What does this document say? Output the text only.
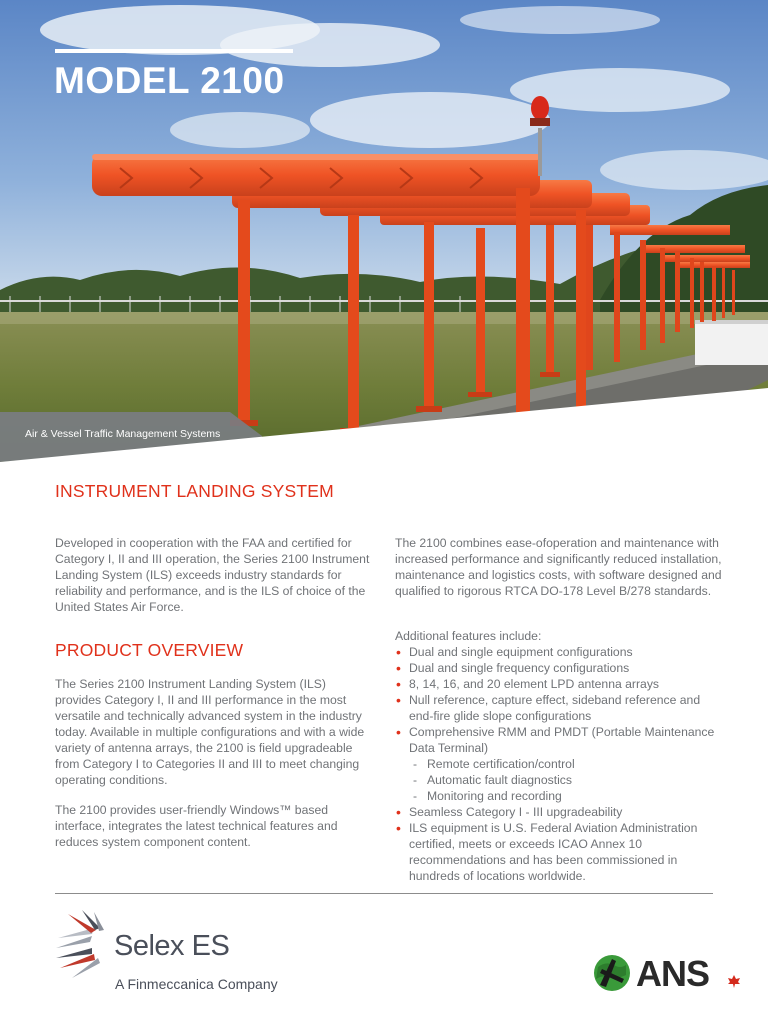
MODEL 2100
Air & Vessel Traffic Management Systems
INSTRUMENT LANDING SYSTEM

Developed in cooperation with the FAA and certified for Category I, II and III operation, the Series 2100 Instrument Landing System (ILS) exceeds industry standards for reliability and performance, and is the ILS of choice of the United States Air Force.

PRODUCT OVERVIEW

The Series 2100 Instrument Landing System (ILS) provides Category I, II and III performance in the most versatile and technically advanced system in the industry today. Available in multiple configurations and with a wide variety of antenna arrays, the 2100 is field upgradeable from Category I to Categories II and III to meet changing operating conditions.

The 2100 provides user-friendly Windows™ based interface, integrates the latest technical features and reduces system component content.

The 2100 combines ease-ofoperation and maintenance with increased performance and significantly reduced installation, maintenance and logistics costs, with software designed and qualified to rigorous RTCA DO-178 Level B/278 standards.

Additional features include:

• Dual and single equipment configurations
• Dual and single frequency configurations
• 8, 14, 16, and 20 element LPD antenna arrays
• Null reference, capture effect, sideband reference and end-fire glide slope configurations
• Comprehensive RMM and PMDT (Portable Maintenance Data Terminal)
- Remote certification/control
- Automatic fault diagnostics
- Monitoring and recording
• Seamless Category I - III upgradeability
• ILS equipment is U.S. Federal Aviation Administration certified, meets or exceeds ICAO Annex 10 recommendations and has been commissioned in hundreds of locations worldwide.
Selex ES
A Finmeccanica Company	ANS
